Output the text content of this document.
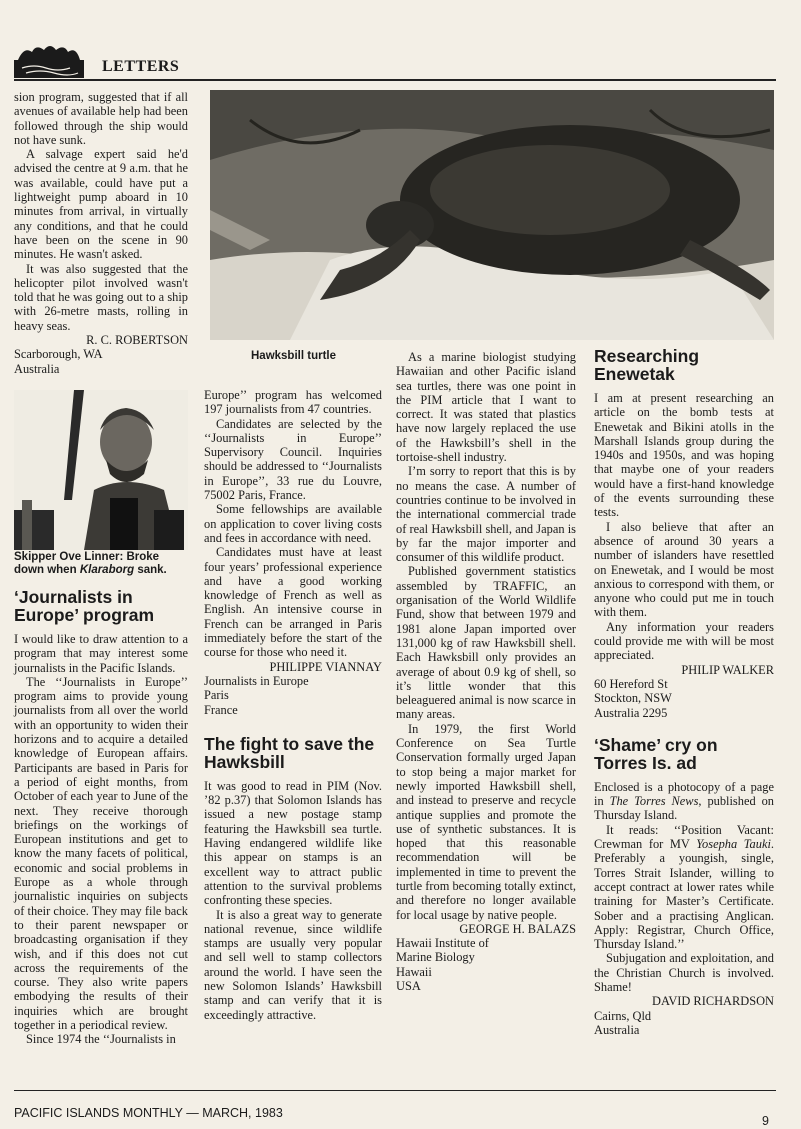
LETTERS

sion program, suggested that if all avenues of available help had been followed through the ship would not have sunk.

A salvage expert said he'd advised the centre at 9 a.m. that he was available, could have put a lightweight pump aboard in 10 minutes from arrival, in virtually any conditions, and that he could have been on the scene in 90 minutes. He wasn't asked.

It was also suggested that the helicopter pilot involved wasn't told that he was going out to a ship with 26-metre masts, rolling in heavy seas.

R. C. ROBERTSON

Scarborough, WA
Australia
Skipper Ove Linner: Broke down when Klaraborg sank.
‘Journalists in Europe’ program

I would like to draw attention to a program that may interest some journalists in the Pacific Islands.

The ‘‘Journalists in Europe’’ program aims to provide young journalists from all over the world with an opportunity to widen their horizons and to acquire a detailed knowledge of European affairs. Participants are based in Paris for a period of eight months, from October of each year to June of the next. They receive thorough briefings on the workings of European institutions and get to know the many facets of political, economic and social problems in Europe as a whole through journalistic inquiries on subjects of their choice. They may file back to their parent newspaper or broadcasting organisation if they wish, and if this does not cut across the requirements of the course. They also write papers embodying the results of their inquiries which are brought together in a periodical review.

Since 1974 the ‘‘Journalists in

Hawksbill turtle

Europe’’ program has welcomed 197 journalists from 47 countries.

Candidates are selected by the ‘‘Journalists in Europe’’ Supervisory Council. Inquiries should be addressed to ‘‘Journalists in Europe’’, 33 rue du Louvre, 75002 Paris, France.

Some fellowships are available on application to cover living costs and fees in accordance with need.

Candidates must have at least four years’ professional experience and have a good working knowledge of French as well as English. An intensive course in French can be arranged in Paris immediately before the start of the course for those who need it.

PHILIPPE VIANNAY

Journalists in Europe
Paris
France
The fight to save the Hawksbill

It was good to read in PIM (Nov. ’82 p.37) that Solomon Islands has issued a new postage stamp featuring the Hawksbill sea turtle. Having endangered wildlife like this appear on stamps is an excellent way to attract public attention to the survival problems confronting these species.

It is also a great way to generate national revenue, since wildlife stamps are usually very popular and sell well to stamp collectors around the world. I have seen the new Solomon Islands’ Hawksbill stamp and can verify that it is exceedingly attractive.

As a marine biologist studying Hawaiian and other Pacific island sea turtles, there was one point in the PIM article that I want to correct. It was stated that plastics have now largely replaced the use of the Hawksbill’s shell in the tortoise-shell industry.

I’m sorry to report that this is by no means the case. A number of countries continue to be involved in the international commercial trade of real Hawksbill shell, and Japan is by far the major importer and consumer of this wildlife product.

Published government statistics assembled by TRAFFIC, an organisation of the World Wildlife Fund, show that between 1979 and 1981 alone Japan imported over 131,000 kg of raw Hawksbill shell. Each Hawksbill only provides an average of about 0.9 kg of shell, so it’s little wonder that this beleaguered animal is now scarce in many areas.

In 1979, the first World Conference on Sea Turtle Conservation formally urged Japan to stop being a major market for newly imported Hawksbill shell, and instead to preserve and recycle antique supplies and promote the use of synthetic substances. It is hoped that this reasonable recommendation will be implemented in time to prevent the turtle from becoming totally extinct, and therefore no longer available for local usage by native people.

GEORGE H. BALAZS

Hawaii Institute of
Marine Biology
Hawaii
USA
Researching Enewetak

I am at present researching an article on the bomb tests at Enewetak and Bikini atolls in the Marshall Islands group during the 1940s and 1950s, and was hoping that maybe one of your readers would have a first-hand knowledge of the events surrounding these tests.

I also believe that after an absence of around 30 years a number of islanders have resettled on Enewetak, and I would be most anxious to correspond with them, or anyone who could put me in touch with them.

Any information your readers could provide me with will be most appreciated.

PHILIP WALKER

60 Hereford St
Stockton, NSW
Australia 2295
‘Shame’ cry on Torres Is. ad

Enclosed is a photocopy of a page in The Torres News, published on Thursday Island.

It reads: ‘‘Position Vacant: Crewman for MV Yosepha Tauki. Preferably a youngish, single, Torres Strait Islander, willing to accept contract at lower rates while training for Master’s Certificate. Sober and a practising Anglican. Apply: Registrar, Church Office, Thursday Island.’’

Subjugation and exploitation, and the Christian Church is involved. Shame!

DAVID RICHARDSON

Cairns, Qld
Australia
PACIFIC ISLANDS MONTHLY — MARCH, 1983
9
